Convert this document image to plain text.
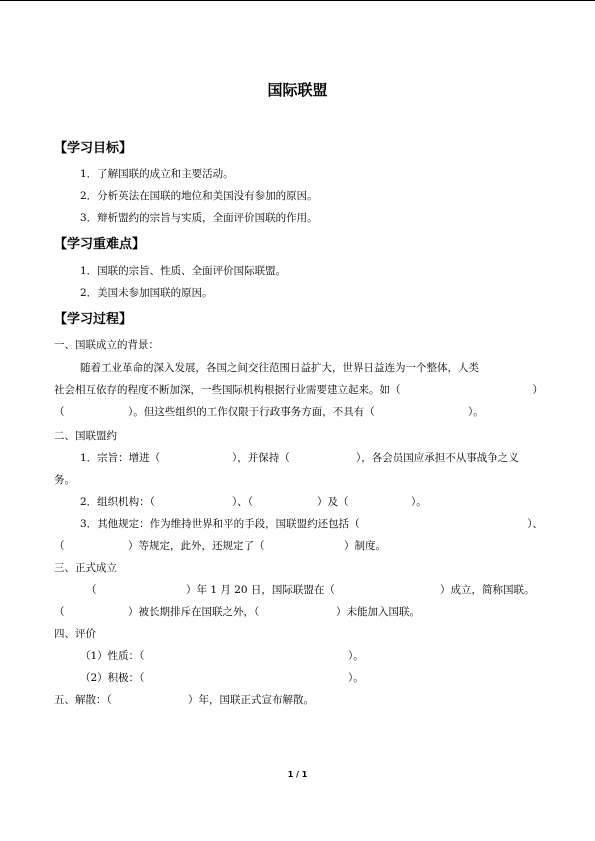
国际联盟
【学习目标】
1．了解国联的成立和主要活动。
2．分析英法在国联的地位和美国没有参加的原因。
3．辩析盟约的宗旨与实质，全面评价国联的作用。
【学习重难点】
1．国联的宗旨、性质、全面评价国际联盟。
2．美国未参加国联的原因。
【学习过程】
一、国联成立的背景：
随着工业革命的深入发展，各国之间交往范围日益扩大，世界日益连为一个整体，人类
社会相互依存的程度不断加深，一些国际机构根据行业需要建立起来。如（	）
（	）。但这些组织的工作仅限于行政事务方面，不具有（	）。
二、国联盟约
1．宗旨：增进（	），并保持（	），各会员国应承担不从事战争之义
务。
2．组织机构：（	）、（	）及（	）。
3．其他规定：作为维持世界和平的手段，国联盟约还包括（	）、
（	）等规定，此外，还规定了（	）制度。
三、正式成立
（	）年 1 月 20 日，国际联盟在（	）成立，简称国联。
（	）被长期排斥在国联之外，（	）未能加入国联。
四、评价
（1）性质：（	）。
（2）积极：（	）。
五、解散：（	）年，国联正式宣布解散。
1 / 1
